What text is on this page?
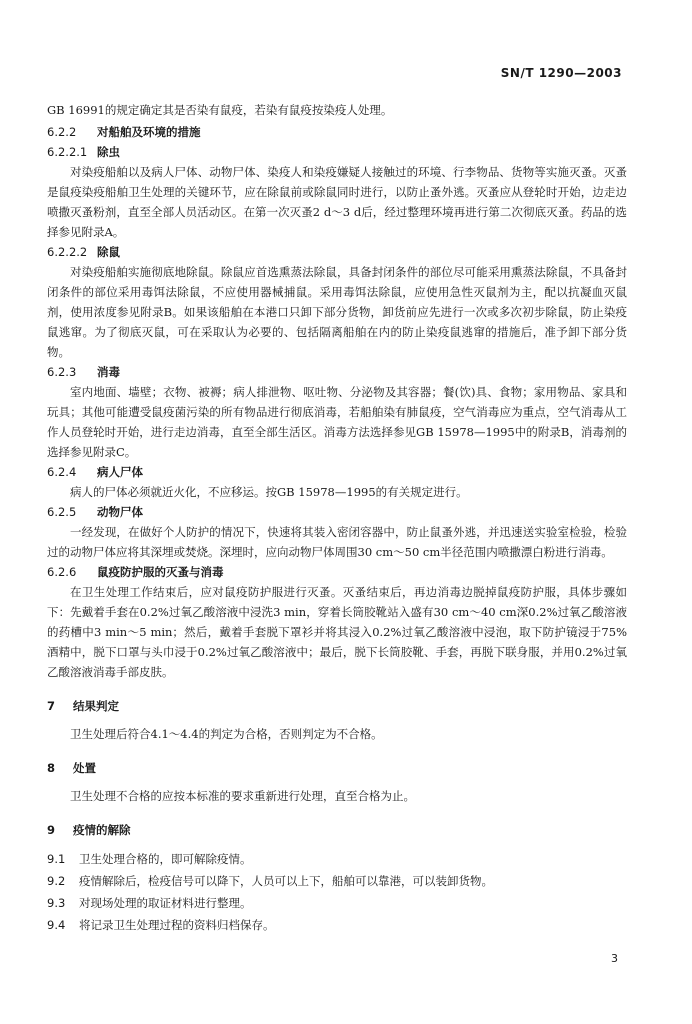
SN/T 1290—2003

GB 16991的规定确定其是否染有鼠疫，若染有鼠疫按染疫人处理。

6.2.2 对船舶及环境的措施

6.2.2.1 除虫

对染疫船舶以及病人尸体、动物尸体、染疫人和染疫嫌疑人接触过的环境、行李物品、货物等实施灭蚤。灭蚤是鼠疫染疫船舶卫生处理的关键环节，应在除鼠前或除鼠同时进行，以防止蚤外逃。灭蚤应从登轮时开始，边走边喷撒灭蚤粉剂，直至全部人员活动区。在第一次灭蚤2 d～3 d后，经过整理环境再进行第二次彻底灭蚤。药品的选择参见附录A。

6.2.2.2 除鼠

对染疫船舶实施彻底地除鼠。除鼠应首选熏蒸法除鼠，具备封闭条件的部位尽可能采用熏蒸法除鼠，不具备封闭条件的部位采用毒饵法除鼠，不应使用器械捕鼠。采用毒饵法除鼠，应使用急性灭鼠剂为主，配以抗凝血灭鼠剂，使用浓度参见附录B。如果该船舶在本港口只卸下部分货物，卸货前应先进行一次或多次初步除鼠，防止染疫鼠逃窜。为了彻底灭鼠，可在采取认为必要的、包括隔离船舶在内的防止染疫鼠逃窜的措施后，准予卸下部分货物。

6.2.3 消毒

室内地面、墙壁；衣物、被褥；病人排泄物、呕吐物、分泌物及其容器；餐(饮)具、食物；家用物品、家具和玩具；其他可能遭受鼠疫菌污染的所有物品进行彻底消毒，若船舶染有肺鼠疫，空气消毒应为重点，空气消毒从工作人员登轮时开始，进行走边消毒，直至全部生活区。消毒方法选择参见GB 15978—1995中的附录B，消毒剂的选择参见附录C。

6.2.4 病人尸体

病人的尸体必须就近火化，不应移运。按GB 15978—1995的有关规定进行。

6.2.5 动物尸体

一经发现，在做好个人防护的情况下，快速将其装入密闭容器中，防止鼠蚤外逃，并迅速送实验室检验，检验过的动物尸体应将其深埋或焚烧。深埋时，应向动物尸体周围30 cm～50 cm半径范围内喷撒漂白粉进行消毒。

6.2.6 鼠疫防护服的灭蚤与消毒

在卫生处理工作结束后，应对鼠疫防护服进行灭蚤。灭蚤结束后，再边消毒边脱掉鼠疫防护服，具体步骤如下：先戴着手套在0.2%过氧乙酸溶液中浸洗3 min，穿着长筒胶靴站入盛有30 cm～40 cm深0.2%过氧乙酸溶液的药槽中3 min～5 min；然后，戴着手套脱下罩衫并将其浸入0.2%过氧乙酸溶液中浸泡，取下防护镜浸于75%酒精中，脱下口罩与头巾浸于0.2%过氧乙酸溶液中；最后，脱下长筒胶靴、手套，再脱下联身服，并用0.2%过氧乙酸溶液消毒手部皮肤。

7 结果判定

卫生处理后符合4.1～4.4的判定为合格，否则判定为不合格。

8 处置

卫生处理不合格的应按本标准的要求重新进行处理，直至合格为止。

9 疫情的解除

9.1 卫生处理合格的，即可解除疫情。

9.2 疫情解除后，检疫信号可以降下，人员可以上下，船舶可以靠港，可以装卸货物。

9.3 对现场处理的取证材料进行整理。

9.4 将记录卫生处理过程的资料归档保存。

3
